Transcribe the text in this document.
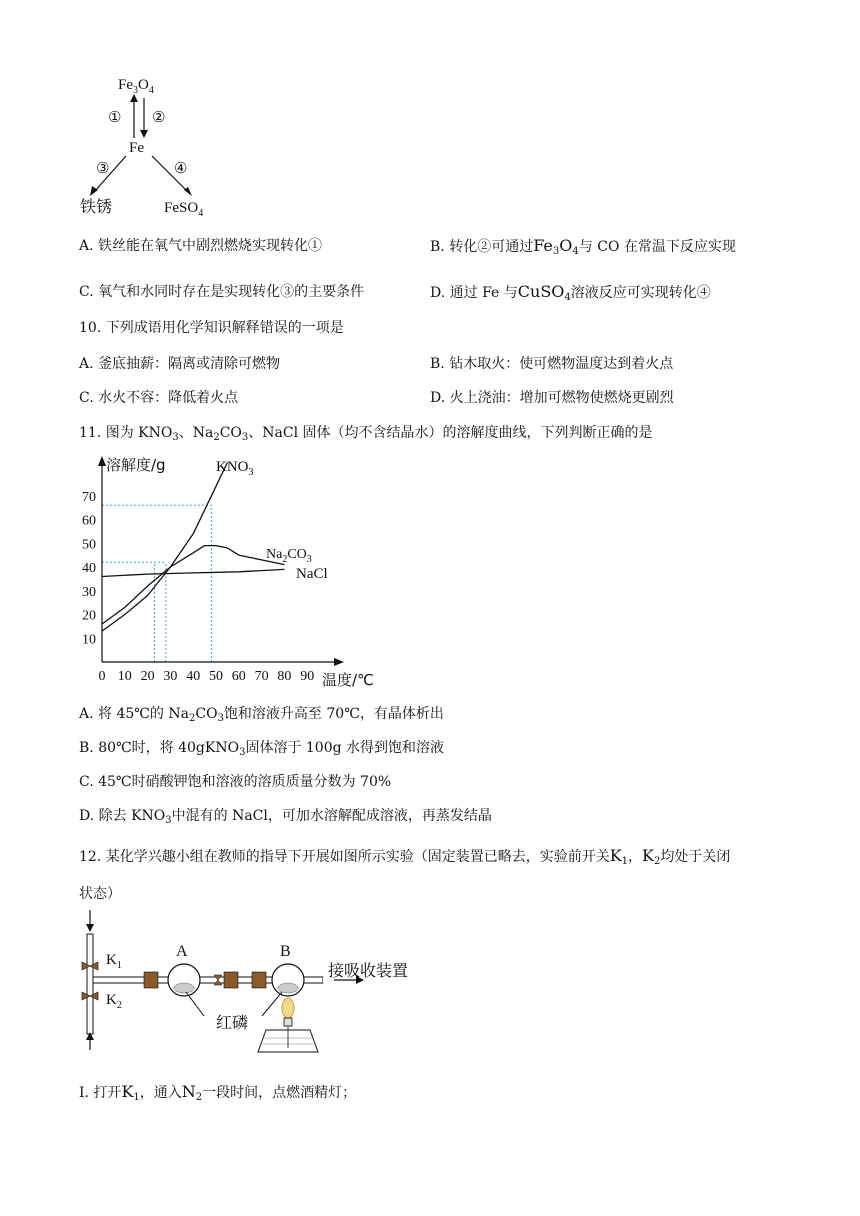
$Fe_3O_4$
① ②
Fe
③	④
铁锈	FeSO$_4$
A. 铁丝能在氧气中剧烈燃烧实现转化①	B. 转化②可通过$Fe_3O_4$与 CO 在常温下反应实现
C. 氧气和水同时存在是实现转化③的主要条件	D. 通过 Fe 与CuSO$_4$溶液反应可实现转化④
10. 下列成语用化学知识解释错误的一项是
A. 釜底抽薪：隔离或清除可燃物	B. 钻木取火：使可燃物温度达到着火点
C. 水火不容：降低着火点	D. 火上浇油：增加可燃物使燃烧更剧烈
11. 图为 $KNO_3$、$Na_2CO_3$、NaCl 固体（均不含结晶水）的溶解度曲线，下列判断正确的是
0 10 20 30 40 50 60 70 80 90
10
20
30
40
50
60
70
溶解度/g
温度/℃
$KNO_3$
$Na_2CO_3$
NaCl
A. 将 45℃的 $Na_2CO_3$饱和溶液升高至 70℃，有晶体析出
B. 80℃时，将 40gKNO$_3$固体溶于 100g 水得到饱和溶液
C. 45℃时硝酸钾饱和溶液的溶质质量分数为 70%
D. 除去 $KNO_3$中混有的 NaCl，可加水溶解配成溶液，再蒸发结晶
12. 某化学兴趣小组在教师的指导下开展如图所示实验（固定装置已略去，实验前开关$K_1$，$K_2$均处于关闭
状态）
$K_1$
$K_2$
A	B
接吸收装置
红磷
Ⅰ. 打开$K_1$，通入$N_2$一段时间，点燃酒精灯；
